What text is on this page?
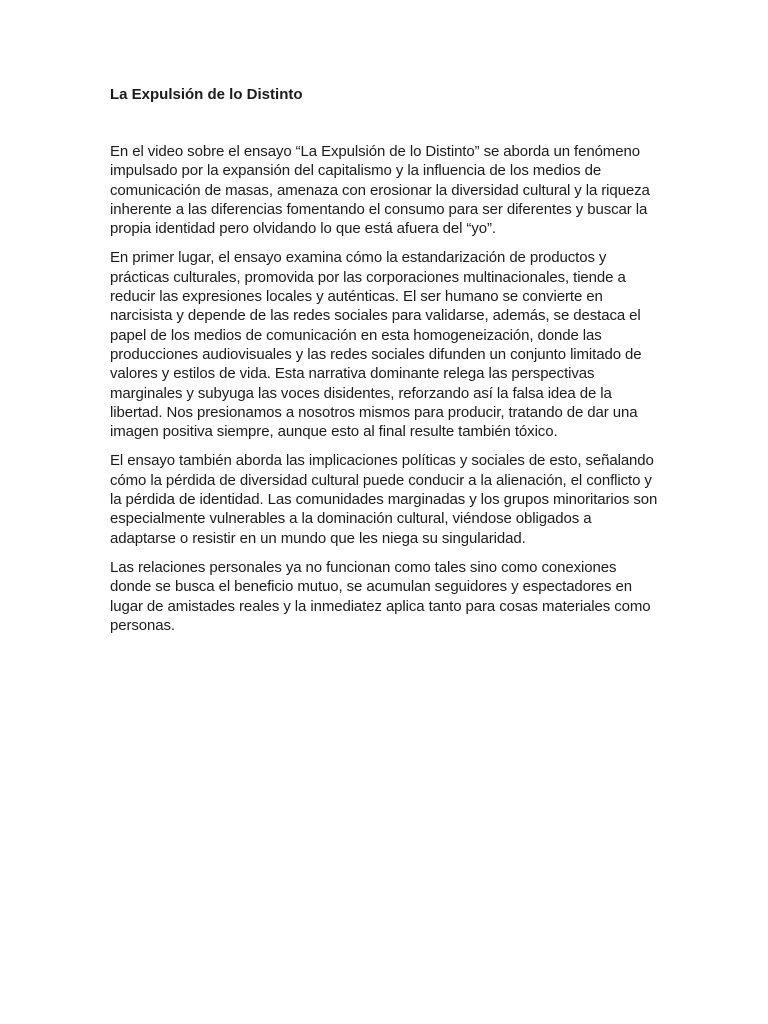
La Expulsión de lo Distinto

En el video sobre el ensayo “La Expulsión de lo Distinto” se aborda un fenómeno impulsado por la expansión del capitalismo y la influencia de los medios de comunicación de masas, amenaza con erosionar la diversidad cultural y la riqueza inherente a las diferencias fomentando el consumo para ser diferentes y buscar la propia identidad pero olvidando lo que está afuera del “yo”.

En primer lugar, el ensayo examina cómo la estandarización de productos y prácticas culturales, promovida por las corporaciones multinacionales, tiende a reducir las expresiones locales y auténticas. El ser humano se convierte en narcisista y depende de las redes sociales para validarse, además, se destaca el papel de los medios de comunicación en esta homogeneización, donde las producciones audiovisuales y las redes sociales difunden un conjunto limitado de valores y estilos de vida. Esta narrativa dominante relega las perspectivas marginales y subyuga las voces disidentes, reforzando así la falsa idea de la libertad. Nos presionamos a nosotros mismos para producir, tratando de dar una imagen positiva siempre, aunque esto al final resulte también tóxico.

El ensayo también aborda las implicaciones políticas y sociales de esto, señalando cómo la pérdida de diversidad cultural puede conducir a la alienación, el conflicto y la pérdida de identidad. Las comunidades marginadas y los grupos minoritarios son especialmente vulnerables a la dominación cultural, viéndose obligados a adaptarse o resistir en un mundo que les niega su singularidad.

Las relaciones personales ya no funcionan como tales sino como conexiones donde se busca el beneficio mutuo, se acumulan seguidores y espectadores en lugar de amistades reales y la inmediatez aplica tanto para cosas materiales como personas.
